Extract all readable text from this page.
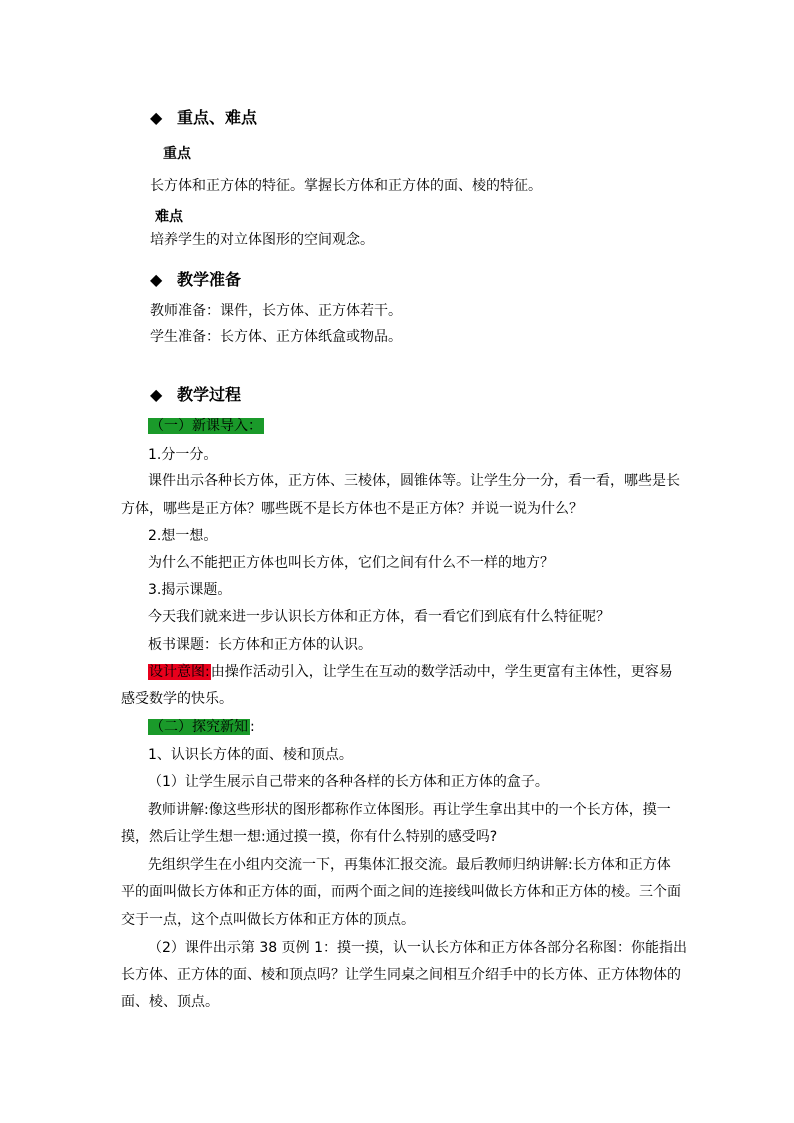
◆ 重点、难点
重点
长方体和正方体的特征。掌握长方体和正方体的面、棱的特征。
难点
培养学生的对立体图形的空间观念。
◆ 教学准备
教师准备：课件，长方体、正方体若干。
学生准备：长方体、正方体纸盒或物品。
◆ 教学过程
（一）新课导入：
1.分一分。
课件出示各种长方体，正方体、三棱体，圆锥体等。让学生分一分，看一看，哪些是长
方体，哪些是正方体？哪些既不是长方体也不是正方体？并说一说为什么？
2.想一想。
为什么不能把正方体也叫长方体，它们之间有什么不一样的地方？
3.揭示课题。
今天我们就来进一步认识长方体和正方体，看一看它们到底有什么特征呢？
板书课题：长方体和正方体的认识。
设计意图:由操作活动引入，让学生在互动的数学活动中，学生更富有主体性，更容易
感受数学的快乐。
（二）探究新知 :
1、认识长方体的面、棱和顶点。
（1）让学生展示自己带来的各种各样的长方体和正方体的盒子。
教师讲解:像这些形状的图形都称作立体图形。再让学生拿出其中的一个长方体，摸一
摸，然后让学生想一想:通过摸一摸，你有什么特别的感受吗?
先组织学生在小组内交流一下，再集体汇报交流。最后教师归纳讲解:长方体和正方体
平的面叫做长方体和正方体的面，而两个面之间的连接线叫做长方体和正方体的棱。三个面
交于一点，这个点叫做长方体和正方体的顶点。
（2）课件出示第 38 页例 1：摸一摸，认一认长方体和正方体各部分名称图：你能指出
长方体、正方体的面、棱和顶点吗？让学生同桌之间相互介绍手中的长方体、正方体物体的
面、棱、顶点。
